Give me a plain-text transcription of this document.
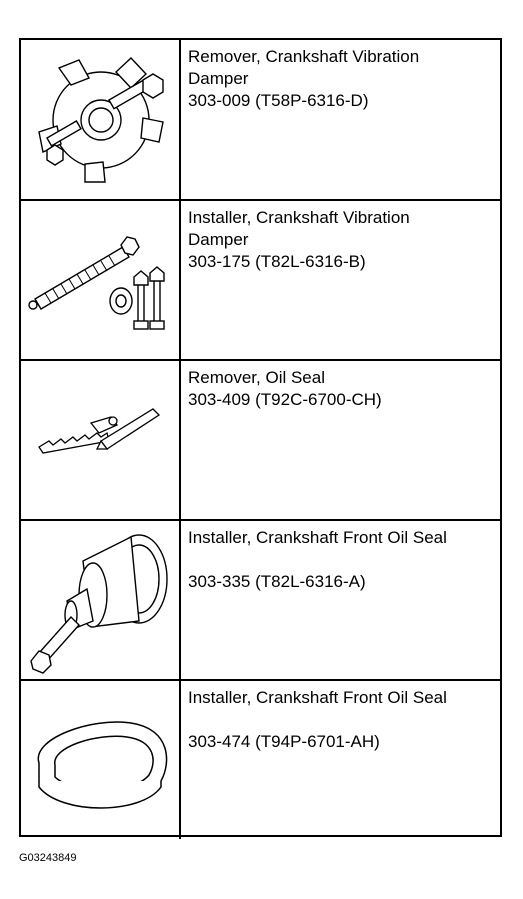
Remover, Crankshaft Vibration
Damper
303-009 (T58P-6316-D)
Installer, Crankshaft Vibration
Damper
303-175 (T82L-6316-B)
Remover, Oil Seal
303-409 (T92C-6700-CH)
Installer, Crankshaft Front Oil Seal
303-335 (T82L-6316-A)
Installer, Crankshaft Front Oil Seal
303-474 (T94P-6701-AH)
G03243849
